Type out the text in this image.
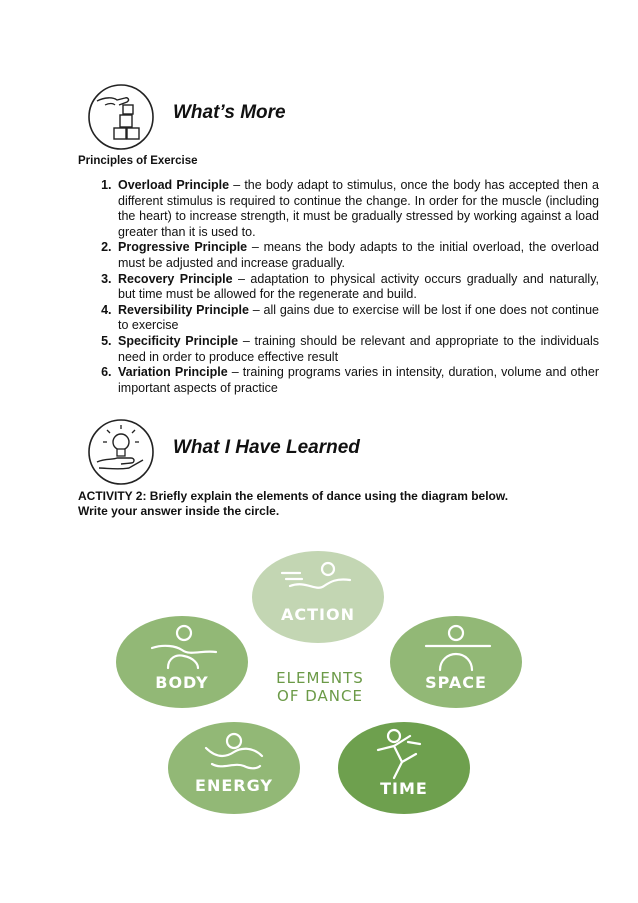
What’s More

Principles of Exercise

1. Overload Principle – the body adapt to stimulus, once the body has accepted then a different stimulus is required to continue the change. In order for the muscle (including the heart) to increase strength, it must be gradually stressed by working against a load greater than it is used to.
2. Progressive Principle – means the body adapts to the initial overload, the overload must be adjusted and increase gradually.
3. Recovery Principle – adaptation to physical activity occurs gradually and naturally, but time must be allowed for the regenerate and build.
4. Reversibility Principle – all gains due to exercise will be lost if one does not continue to exercise
5. Specificity Principle – training should be relevant and appropriate to the individuals need in order to produce effective result
6. Variation Principle – training programs varies in intensity, duration, volume and other important aspects of practice
What I Have Learned
ACTIVITY 2: Briefly explain the elements of dance using the diagram below.
Write your answer inside the circle.
ACTION
BODY	SPACE
ENERGY	TIME
ELEMENTS
OF DANCE
